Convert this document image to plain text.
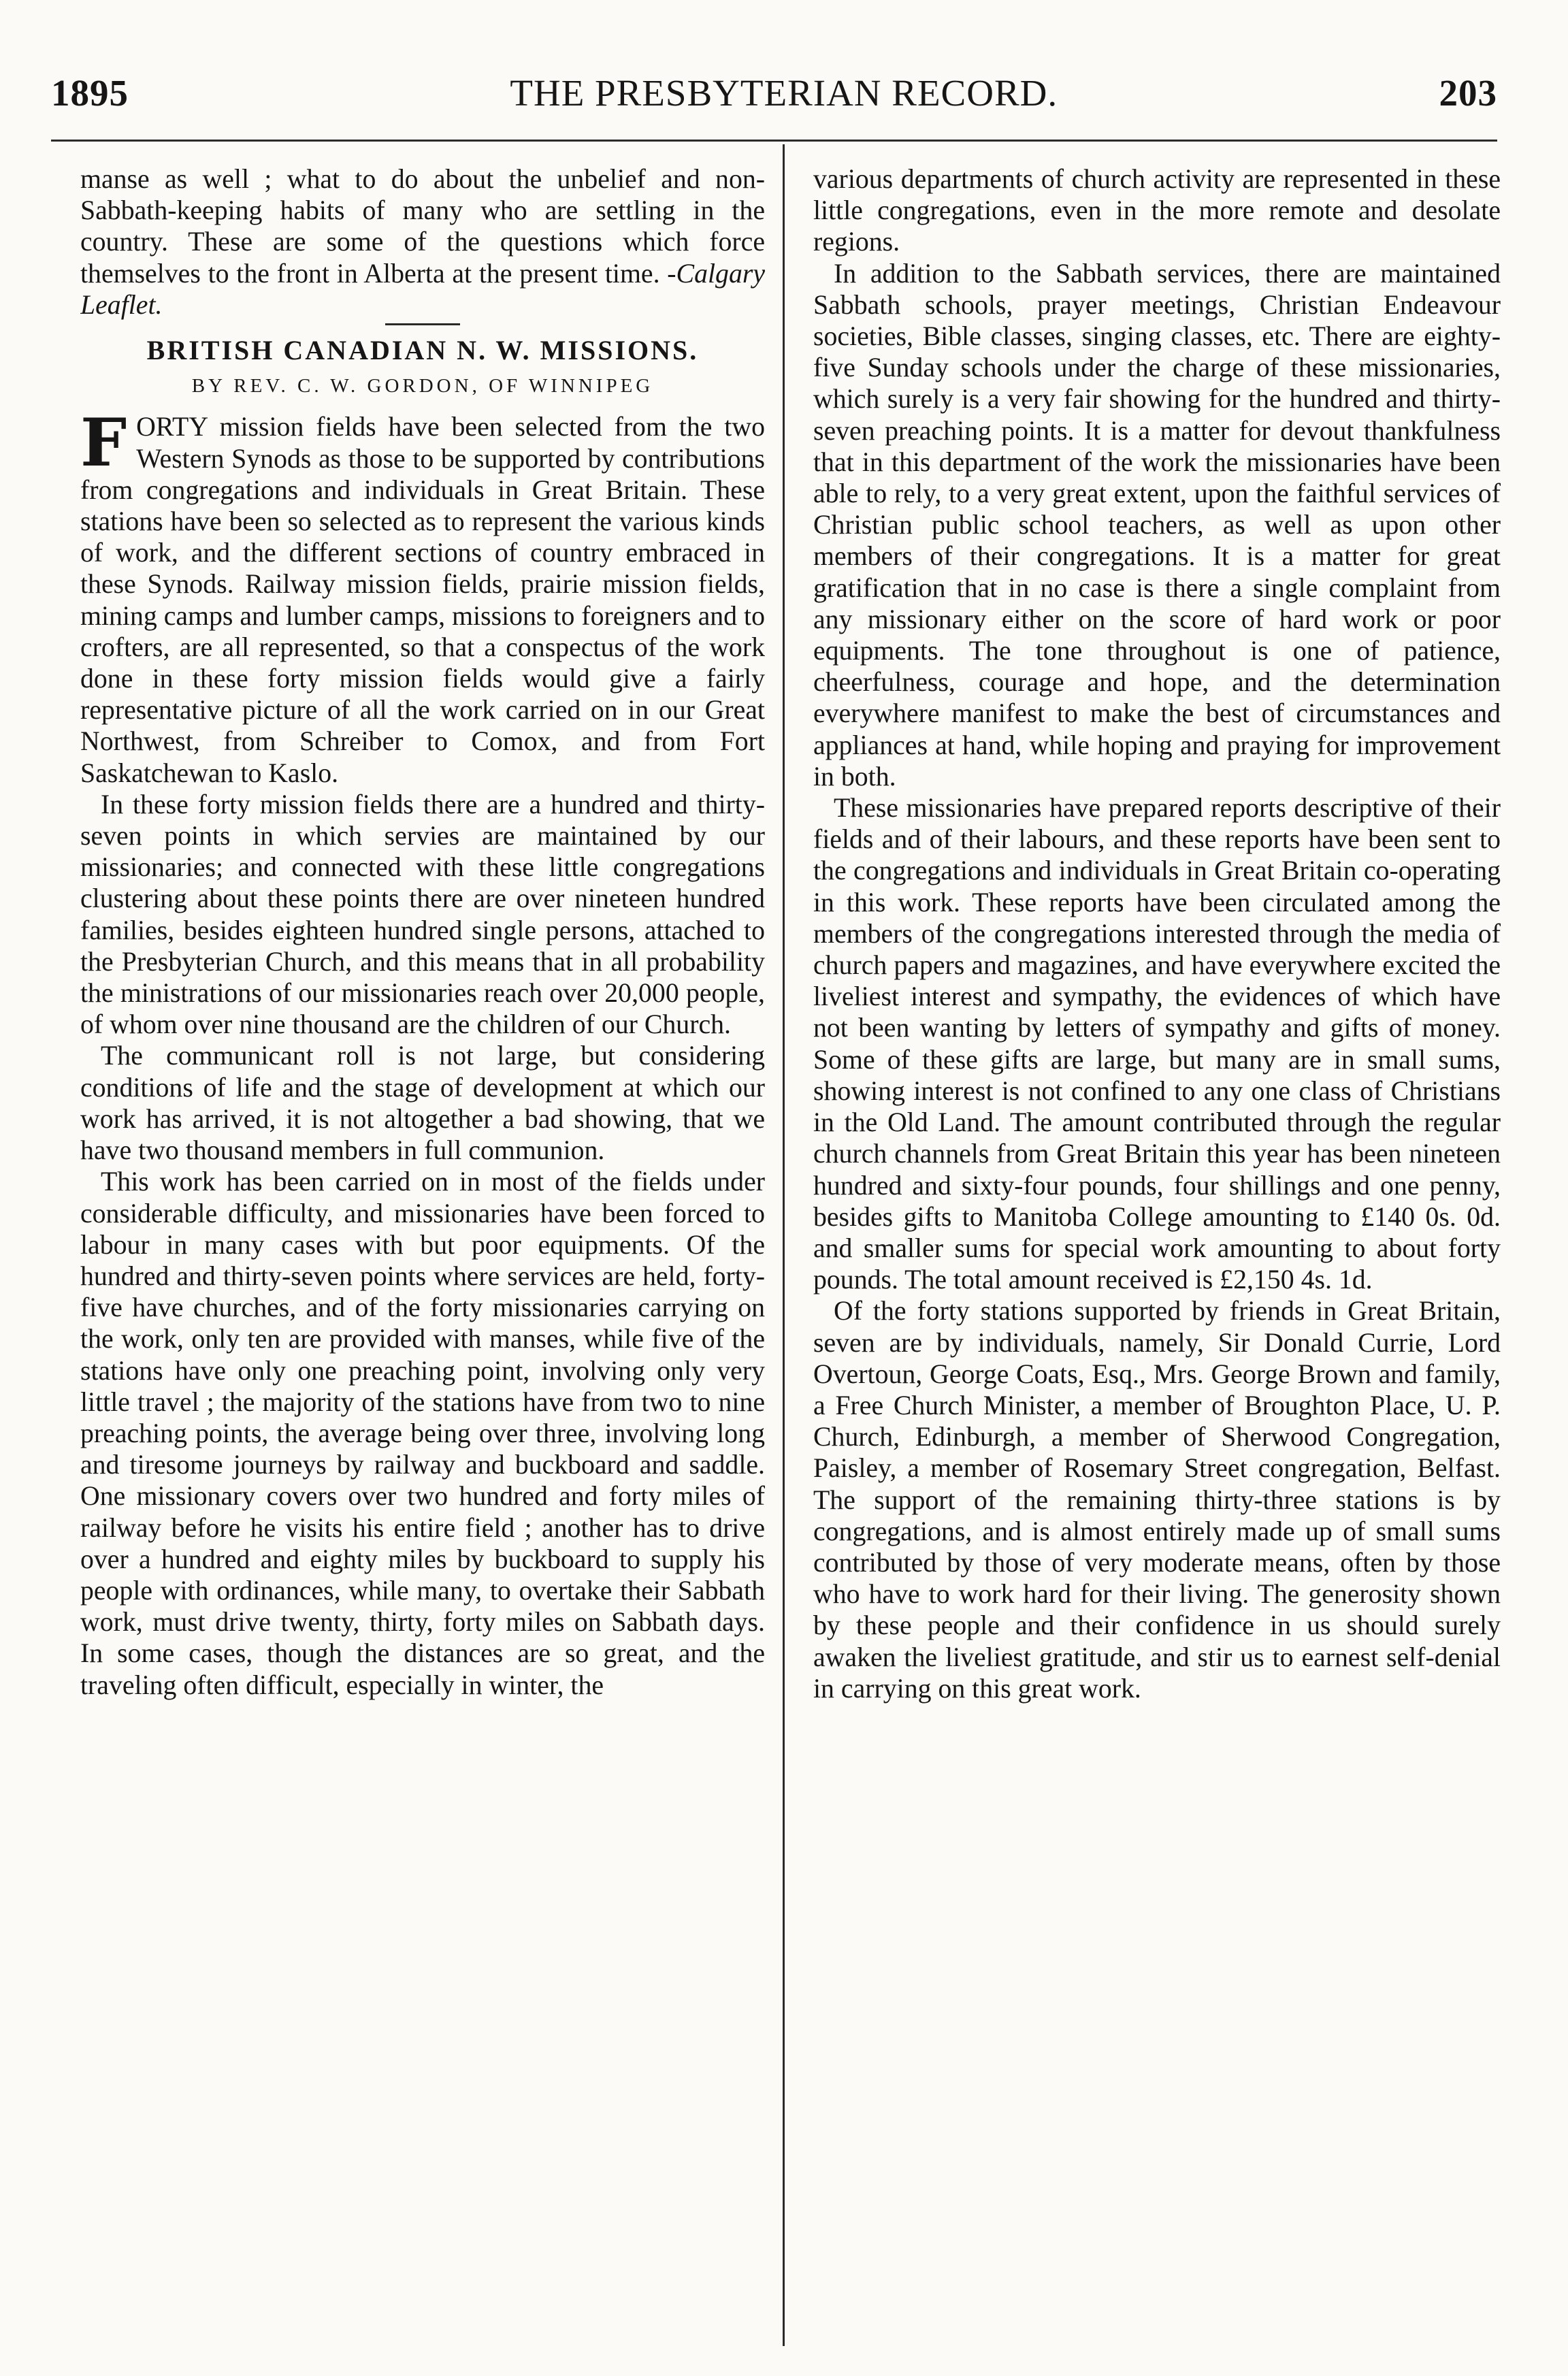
1895	THE PRESBYTERIAN RECORD.	203

manse as well ; what to do about the unbelief and non-Sabbath-keeping habits of many who are settling in the country. These are some of the questions which force themselves to the front in Alberta at the present time. -Calgary Leaflet.

BRITISH CANADIAN N. W. MISSIONS.
BY REV. C. W. GORDON, OF WINNIPEG

FORTY mission fields have been selected from the two Western Synods as those to be supported by contributions from congregations and individuals in Great Britain. These stations have been so selected as to represent the various kinds of work, and the different sections of country embraced in these Synods. Railway mission fields, prairie mission fields, mining camps and lumber camps, missions to foreigners and to crofters, are all represented, so that a conspectus of the work done in these forty mission fields would give a fairly representative picture of all the work carried on in our Great Northwest, from Schreiber to Comox, and from Fort Saskatchewan to Kaslo.

In these forty mission fields there are a hundred and thirty-seven points in which servies are maintained by our missionaries; and connected with these little congregations clustering about these points there are over nineteen hundred families, besides eighteen hundred single persons, attached to the Presbyterian Church, and this means that in all probability the ministrations of our missionaries reach over 20,000 people, of whom over nine thousand are the children of our Church.

The communicant roll is not large, but considering conditions of life and the stage of development at which our work has arrived, it is not altogether a bad showing, that we have two thousand members in full communion.

This work has been carried on in most of the fields under considerable difficulty, and missionaries have been forced to labour in many cases with but poor equipments. Of the hundred and thirty-seven points where services are held, forty-five have churches, and of the forty missionaries carrying on the work, only ten are provided with manses, while five of the stations have only one preaching point, involving only very little travel ; the majority of the stations have from two to nine preaching points, the average being over three, involving long and tiresome journeys by railway and buckboard and saddle. One missionary covers over two hundred and forty miles of railway before he visits his entire field ; another has to drive over a hundred and eighty miles by buckboard to supply his people with ordinances, while many, to overtake their Sabbath work, must drive twenty, thirty, forty miles on Sabbath days. In some cases, though the distances are so great, and the traveling often difficult, especially in winter, the

various departments of church activity are represented in these little congregations, even in the more remote and desolate regions.

In addition to the Sabbath services, there are maintained Sabbath schools, prayer meetings, Christian Endeavour societies, Bible classes, singing classes, etc. There are eighty-five Sunday schools under the charge of these missionaries, which surely is a very fair showing for the hundred and thirty-seven preaching points. It is a matter for devout thankfulness that in this department of the work the missionaries have been able to rely, to a very great extent, upon the faithful services of Christian public school teachers, as well as upon other members of their congregations. It is a matter for great gratification that in no case is there a single complaint from any missionary either on the score of hard work or poor equipments. The tone throughout is one of patience, cheerfulness, courage and hope, and the determination everywhere manifest to make the best of circumstances and appliances at hand, while hoping and praying for improvement in both.

These missionaries have prepared reports descriptive of their fields and of their labours, and these reports have been sent to the congregations and individuals in Great Britain co-operating in this work. These reports have been circulated among the members of the congregations interested through the media of church papers and magazines, and have everywhere excited the liveliest interest and sympathy, the evidences of which have not been wanting by letters of sympathy and gifts of money. Some of these gifts are large, but many are in small sums, showing interest is not confined to any one class of Christians in the Old Land. The amount contributed through the regular church channels from Great Britain this year has been nineteen hundred and sixty-four pounds, four shillings and one penny, besides gifts to Manitoba College amounting to £140 0s. 0d. and smaller sums for special work amounting to about forty pounds. The total amount received is £2,150 4s. 1d.

Of the forty stations supported by friends in Great Britain, seven are by individuals, namely, Sir Donald Currie, Lord Overtoun, George Coats, Esq., Mrs. George Brown and family, a Free Church Minister, a member of Broughton Place, U. P. Church, Edinburgh, a member of Sherwood Congregation, Paisley, a member of Rosemary Street congregation, Belfast. The support of the remaining thirty-three stations is by congregations, and is almost entirely made up of small sums contributed by those of very moderate means, often by those who have to work hard for their living. The generosity shown by these people and their confidence in us should surely awaken the liveliest gratitude, and stir us to earnest self-denial in carrying on this great work.
